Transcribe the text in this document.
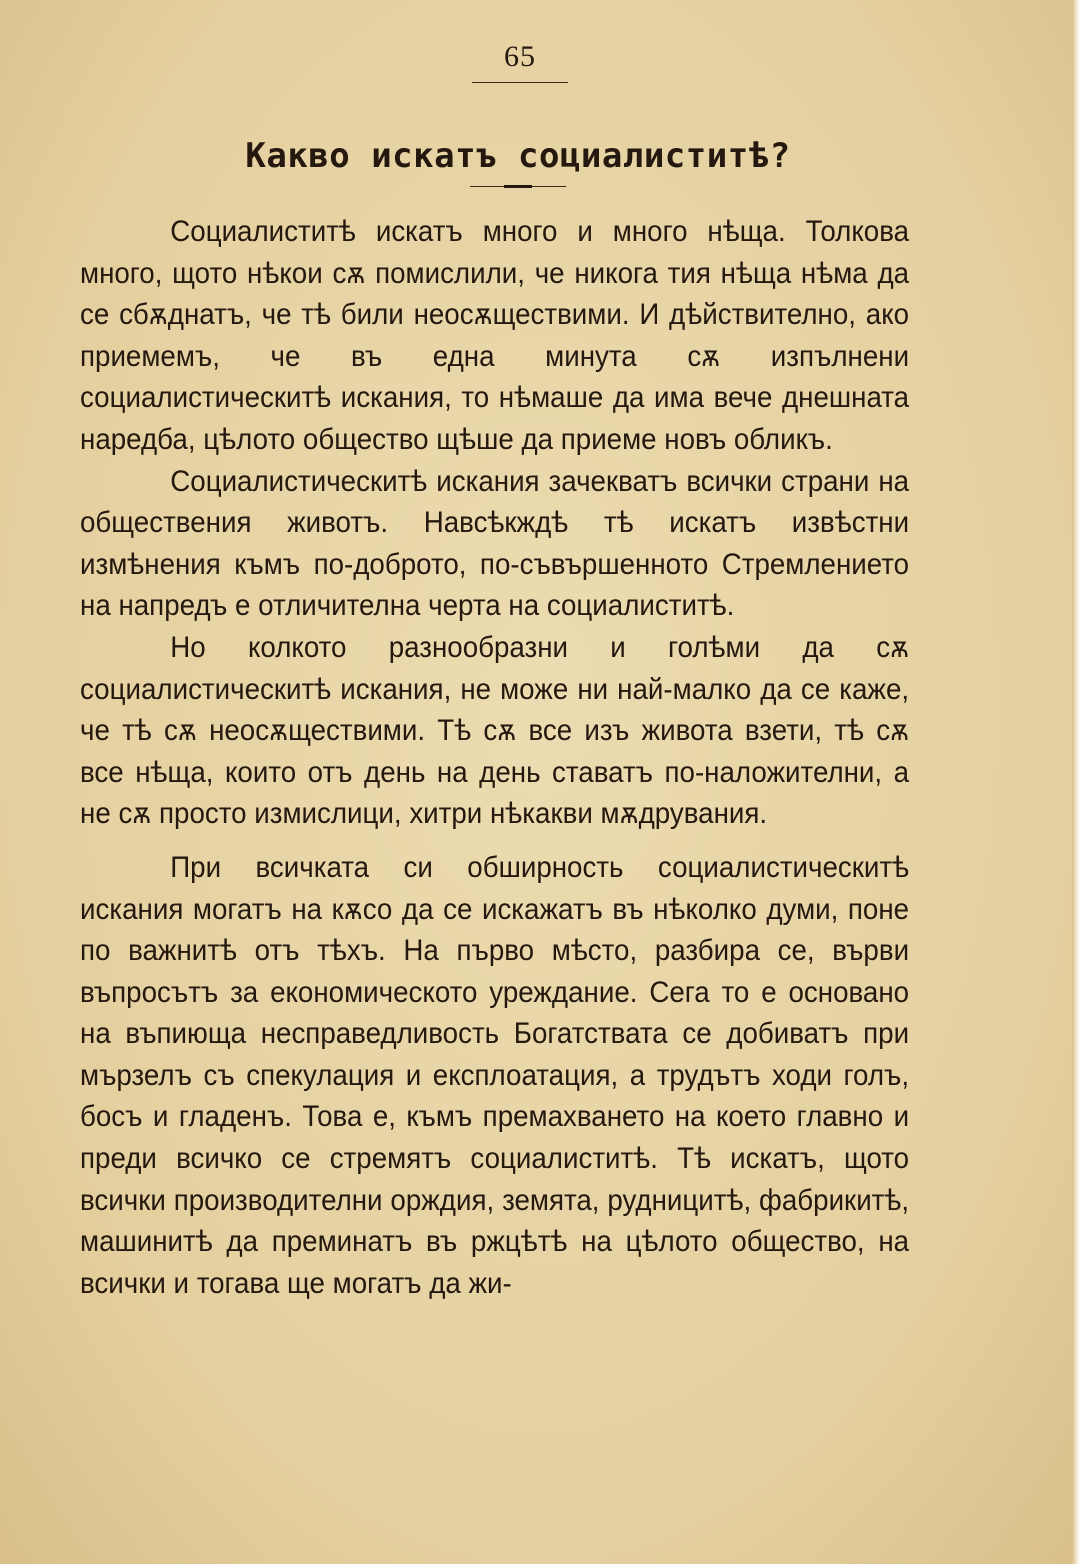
65
Какво искатъ социалиститѣ?

Социалиститѣ искатъ много и много нѣща. Толкова много, щото нѣкои сѫ помислили, че никога тия нѣща нѣма да се сбѫднатъ, че тѣ били неосѫществими. И дѣйствително, ако приемемъ, че въ една минута сѫ изпълнени социалистическитѣ искания, то нѣмаше да има вече днешната наредба, цѣлото общество щѣше да приеме новъ обликъ.

Социалистическитѣ искания зачекватъ всички страни на обществения животъ. Навсѣкждѣ тѣ искатъ извѣстни измѣнения къмъ по-доброто, по-съвършенното Стремлението на напредъ е отличителна черта на социалиститѣ.

Но колкото разнообразни и голѣми да сѫ социалистическитѣ искания, не може ни най-малко да се каже, че тѣ сѫ неосѫществими. Тѣ сѫ все изъ живота взети, тѣ сѫ все нѣща, които отъ день на день ставатъ по-наложителни, а не сѫ просто измислици, хитри нѣкакви мѫдрувания.

При всичката си обширность социалистическитѣ искания могатъ на кѫсо да се искажатъ въ нѣколко думи, поне по важнитѣ отъ тѣхъ. На първо мѣсто, разбира се, върви въпросътъ за економическото уреждание. Сега то е основано на въпиюща несправедливость Богатствата се добиватъ при мързелъ съ спекулация и експлоатация, а трудътъ ходи голъ, босъ и гладенъ. Това е, къмъ премахването на което главно и преди всичко се стремятъ социалиститѣ. Тѣ искатъ, щото всички производителни орждия, земята, рудницитѣ, фабрикитѣ, машинитѣ да преминатъ въ ржцѣтѣ на цѣлото общество, на всички и тогава ще могатъ да жи-
